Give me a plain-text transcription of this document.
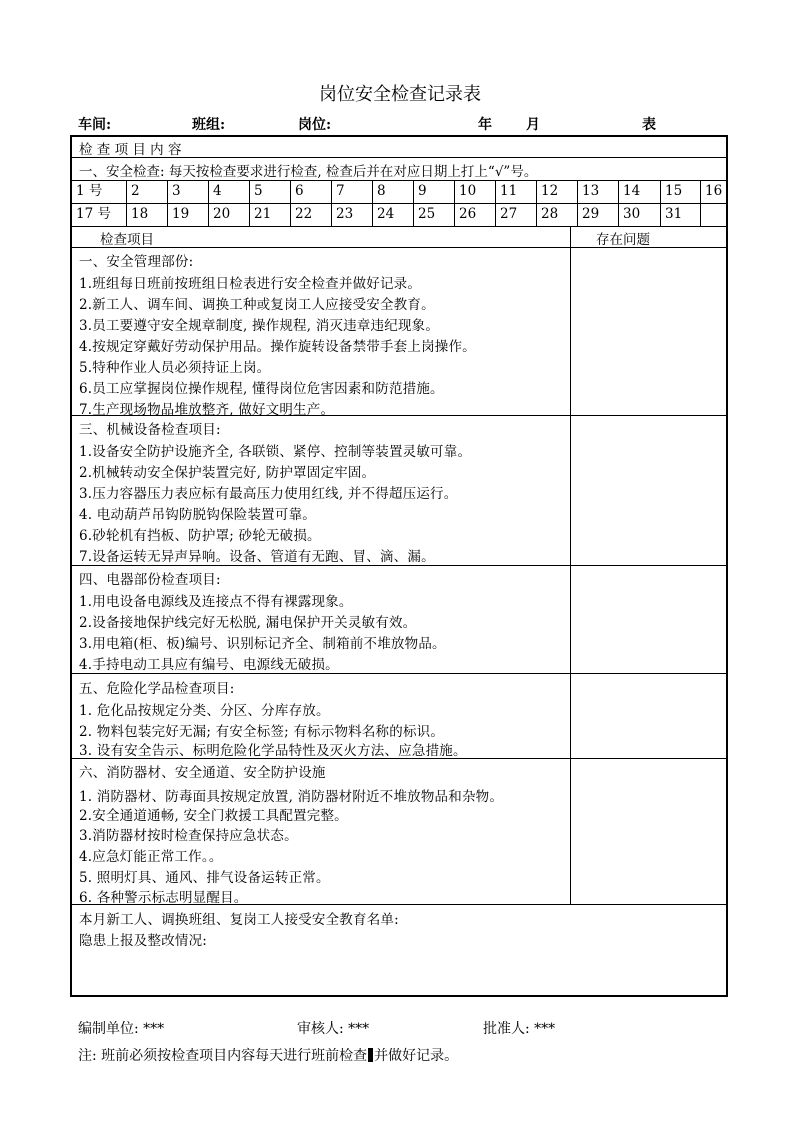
岗位安全检查记录表
车间:	班组:	岗位:	年 月	表
检 查 项 目 内 容
一、安全检查: 每天按检查要求进行检查, 检查后并在对应日期上打上“√”号。
1 号	2	3	4	5	6	7	8	9	10	11	12	13	14	15	16
17 号	18	19	20	21	22	23	24	25	26	27	28	29	30	31
检查项目	存在问题
一、安全管理部份:
1.班组每日班前按班组日检表进行安全检查并做好记录。
2.新工人、调车间、调换工种或复岗工人应接受安全教育。
3.员工要遵守安全规章制度, 操作规程, 消灭违章违纪现象。
4.按规定穿戴好劳动保护用品。操作旋转设备禁带手套上岗操作。
5.特种作业人员必须持证上岗。
6.员工应掌握岗位操作规程, 懂得岗位危害因素和防范措施。
7.生产现场物品堆放整齐, 做好文明生产。
三、机械设备检查项目:
1.设备安全防护设施齐全, 各联锁、紧停、控制等装置灵敏可靠。
2.机械转动安全保护装置完好, 防护罩固定牢固。
3.压力容器压力表应标有最高压力使用红线, 并不得超压运行。
4. 电动葫芦吊钩防脱钩保险装置可靠。
6.砂轮机有挡板、防护罩; 砂轮无破损。
7.设备运转无异声异响。设备、管道有无跑、冒、滴、漏。
四、电器部份检查项目:
1.用电设备电源线及连接点不得有裸露现象。
2.设备接地保护线完好无松脱, 漏电保护开关灵敏有效。
3.用电箱(柜、板)编号、识别标记齐全、制箱前不堆放物品。
4.手持电动工具应有编号、电源线无破损。
五、危险化学品检查项目:
1. 危化品按规定分类、分区、分库存放。
2. 物料包装完好无漏; 有安全标签; 有标示物料名称的标识。
3. 设有安全告示、标明危险化学品特性及灭火方法、应急措施。
六、消防器材、安全通道、安全防护设施
1. 消防器材、防毒面具按规定放置, 消防器材附近不堆放物品和杂物。
2.安全通道通畅, 安全门救援工具配置完整。
3.消防器材按时检查保持应急状态。
4.应急灯能正常工作。。
5. 照明灯具、通风、排气设备运转正常。
6. 各种警示标志明显醒目。
本月新工人、调换班组、复岗工人接受安全教育名单:
隐患上报及整改情况:
编制单位: ***	审核人: ***	批准人: ***
注: 班前必须按检查项目内容每天进行班前检查 并做好记录。
